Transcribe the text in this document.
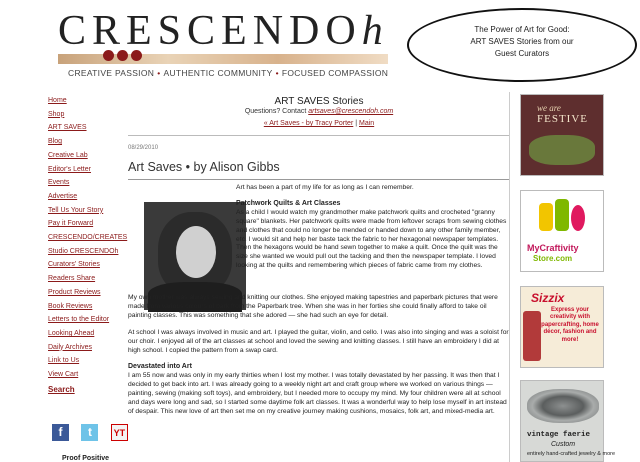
CRESCENDOh
CREATIVE PASSION • AUTHENTIC COMMUNITY • FOCUSED COMPASSION
The Power of Art for Good:
ART SAVES Stories from our
Guest Curators
Home
Shop
ART SAVES
Blog
Creative Lab
Editor's Letter
Events
Advertise
Tell Us Your Story
Pay it Forward
CRESCENDO/CREATES
Studio CRESCENDOh
Curators' Stories
Readers Share
Product Reviews
Book Reviews
Letters to the Editor
Looking Ahead
Daily Archives
Link to Us
View Cart
Search
f t YT
Proof Positive
ART SAVES Stories
Questions? Contact artsaves@crescendoh.com
« Art Saves - by Tracy Porter | Main
08/29/2010
Art Saves • by Alison Gibbs

Art has been a part of my life for as long as I can remember.

Patchwork Quilts & Art Classes

As a child I would watch my grandmother make patchwork quilts and crocheted "granny square" blankets. Her patchwork quilts were made from leftover scraps from sewing clothes and clothes that could no longer be mended or handed down to any other family member, etc. I would sit and help her baste tack the fabric to her hexagonal newspaper templates. Then the hexagons would be hand sewn together to make a quilt. Once the quilt was the size she wanted we would pull out the tacking and then the newspaper template. I loved looking at the quilts and remembering which pieces of fabric came from my clothes.

we are
FESTIVE
MyCraftivity
Store.com
Sizzix
Express your creativity with papercrafting, home décor, fashion and more!
vintage faerie
Custom
entirely hand-crafted jewelry & more

My own mother was always sewing and knitting our clothes. She enjoyed making tapestries and paperbark pictures that were made from various colours of bark from the Paperbark tree. When she was in her forties she could finally afford to take oil painting classes. This was something that she adored — she had such an eye for detail.

At school I was always involved in music and art. I played the guitar, violin, and cello. I was also into singing and was a soloist for our choir. I enjoyed all of the art classes at school and loved the sewing and knitting classes. I still have an embroidery I did at high school. I copied the pattern from a swap card.

Devastated into Art

I am 55 now and was only in my early thirties when I lost my mother. I was totally devastated by her passing. It was then that I decided to get back into art. I was already going to a weekly night art and craft group where we worked on various things — painting, sewing (making soft toys), and embroidery, but I needed more to occupy my mind. My four children were all at school and days were long and sad, so I started some daytime folk art classes. It was a wonderful way to help lose myself in art instead of despair. This new love of art then set me on my creative journey making cushions, mosaics, folk art, and mixed-media art.
